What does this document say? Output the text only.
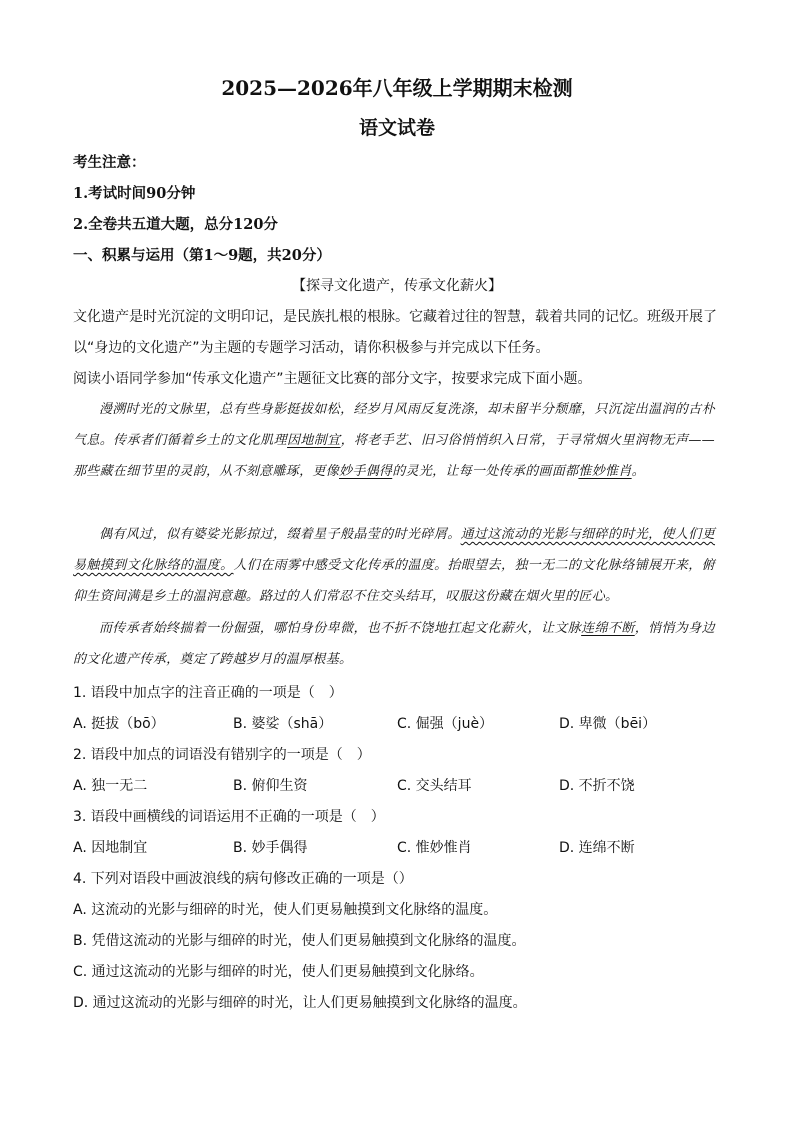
2025—2026年八年级上学期期末检测
语文试卷
考生注意：
1.考试时间90分钟
2.全卷共五道大题，总分120分
一、积累与运用（第1～9题，共20分）
【探寻文化遗产，传承文化薪火】
文化遗产是时光沉淀的文明印记，是民族扎根的根脉。它藏着过往的智慧，载着共同的记忆。班级开展了
以“身边的文化遗产”为主题的专题学习活动，请你积极参与并完成以下任务。
阅读小语同学参加“传承文化遗产”主题征文比赛的部分文字，按要求完成下面小题。
漫溯时光的文脉里，总有些身影挺拔如松，经岁月风雨反复洗涤，却未留半分颓靡，只沉淀出温润的古朴气息。传承者们循着乡土的文化肌理因地制宜，将老手艺、旧习俗悄悄织入日常，于寻常烟火里润物无声——那些藏在细节里的灵韵，从不刻意雕琢，更像妙手偶得的灵光，让每一处传承的画面都惟妙惟肖。
偶有风过，似有婆娑光影掠过，缀着星子般晶莹的时光碎屑。通过这流动的光影与细碎的时光，使人们更易触摸到文化脉络的温度。人们在雨雾中感受文化传承的温度。抬眼望去，独一无二的文化脉络铺展开来，俯仰生资间满是乡土的温润意趣。路过的人们常忍不住交头结耳，叹服这份藏在烟火里的匠心。
而传承者始终揣着一份倔强，哪怕身份卑微，也不折不饶地扛起文化薪火，让文脉连绵不断，悄悄为身边的文化遗产传承，奠定了跨越岁月的温厚根基。
1. 语段中加点字的注音正确的一项是（　）
A. 挺拔（bō）	B. 婆娑（shā）	C. 倔强（juè）	D. 卑微（bēi）
2. 语段中加点的词语没有错别字的一项是（　）
A. 独一无二	B. 俯仰生资	C. 交头结耳	D. 不折不饶
3. 语段中画横线的词语运用不正确的一项是（　）
A. 因地制宜	B. 妙手偶得	C. 惟妙惟肖	D. 连绵不断
4. 下列对语段中画波浪线的病句修改正确的一项是（）
A. 这流动的光影与细碎的时光，使人们更易触摸到文化脉络的温度。
B. 凭借这流动的光影与细碎的时光，使人们更易触摸到文化脉络的温度。
C. 通过这流动的光影与细碎的时光，使人们更易触摸到文化脉络。
D. 通过这流动的光影与细碎的时光，让人们更易触摸到文化脉络的温度。
